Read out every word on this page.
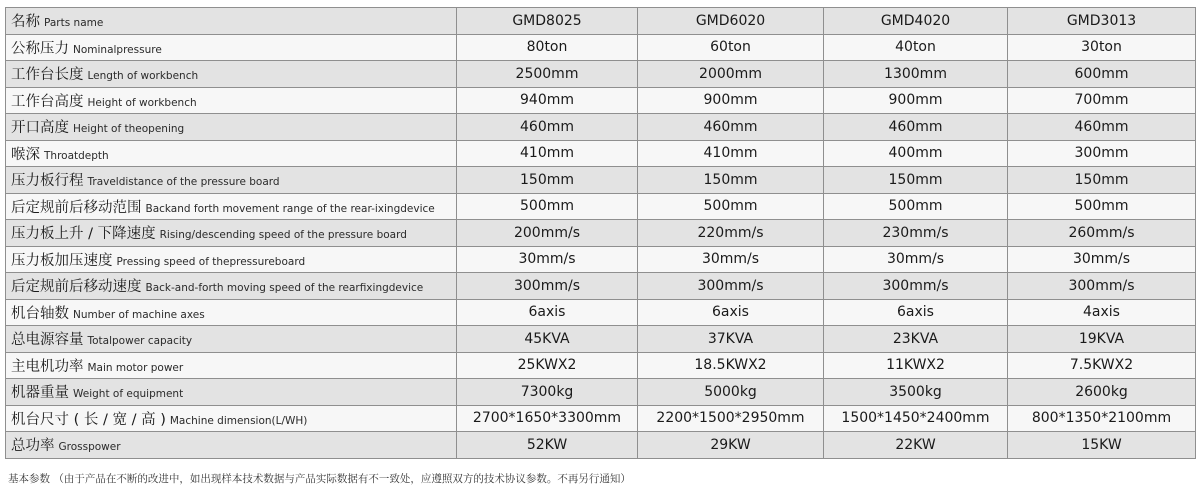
名称 Parts name	GMD8025	GMD6020	GMD4020	GMD3013
公称压力 Nominalpressure	80ton	60ton	40ton	30ton
工作台长度 Length of workbench	2500mm	2000mm	1300mm	600mm
工作台高度 Height of workbench	940mm	900mm	900mm	700mm
开口高度 Height of theopening	460mm	460mm	460mm	460mm
喉深 Throatdepth	410mm	410mm	400mm	300mm
压力板行程 Traveldistance of the pressure board	150mm	150mm	150mm	150mm
后定规前后移动范围 Backand forth movement range of the rear-ixingdevice	500mm	500mm	500mm	500mm
压力板上升 / 下降速度 Rising/descending speed of the pressure board	200mm/s	220mm/s	230mm/s	260mm/s
压力板加压速度 Pressing speed of thepressureboard	30mm/s	30mm/s	30mm/s	30mm/s
后定规前后移动速度 Back-and-forth moving speed of the rearfixingdevice	300mm/s	300mm/s	300mm/s	300mm/s
机台轴数 Number of machine axes	6axis	6axis	6axis	4axis
总电源容量 Totalpower capacity	45KVA	37KVA	23KVA	19KVA
主电机功率 Main motor power	25KWX2	18.5KWX2	11KWX2	7.5KWX2
机器重量 Weight of equipment	7300kg	5000kg	3500kg	2600kg
机台尺寸 ( 长 / 宽 / 高 ) Machine dimension(L/WH)	2700*1650*3300mm	2200*1500*2950mm	1500*1450*2400mm	800*1350*2100mm
总功率 Grosspower	52KW	29KW	22KW	15KW
基本参数 （由于产品在不断的改进中，如出现样本技术数据与产品实际数据有不一致处，应遵照双方的技术协议参数。不再另行通知）
